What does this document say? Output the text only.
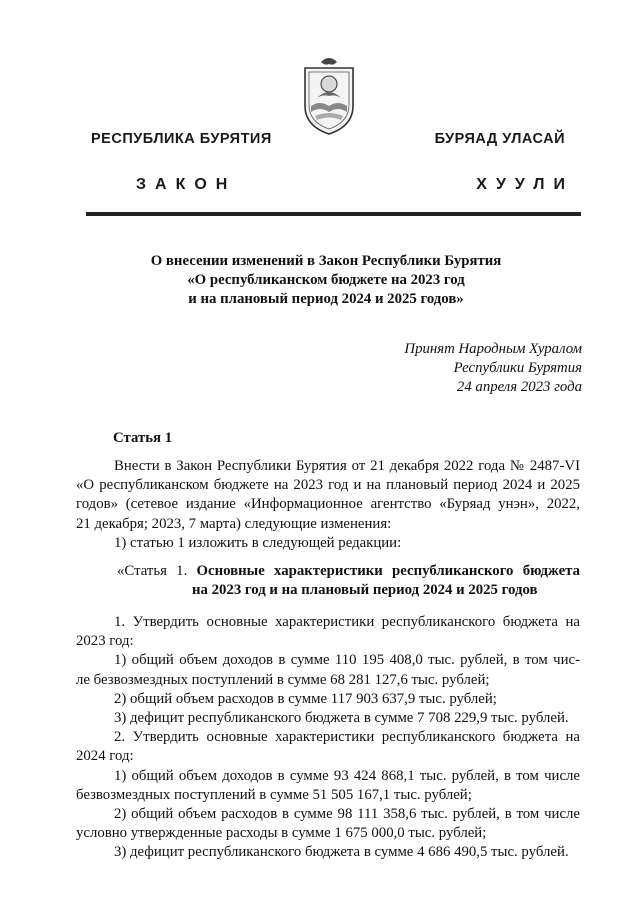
РЕСПУБЛИКА БУРЯТИЯ	БУРЯАД УЛАСАЙ
ЗАКОН	ХУУЛИ
О внесении изменений в Закон Республики Бурятия
«О республиканском бюджете на 2023 год
и на плановый период 2024 и 2025 годов»
Принят Народным Хуралом
Республики Бурятия
24 апреля 2023 года
Статья 1
Внести в Закон Республики Бурятия от 21 декабря 2022 года № 2487-VI
«О республиканском бюджете на 2023 год и на плановый период 2024 и 2025
годов» (сетевое издание «Информационное агентство «Буряад унэн», 2022,
21 декабря; 2023, 7 марта) следующие изменения:
1) статью 1 изложить в следующей редакции:
«Статья 1. Основные характеристики республиканского бюджета
на 2023 год и на плановый период 2024 и 2025 годов
1. Утвердить основные характеристики республиканского бюджета на
2023 год:
1) общий объем доходов в сумме 110 195 408,0 тыс. рублей, в том чис-
ле безвозмездных поступлений в сумме 68 281 127,6 тыс. рублей;
2) общий объем расходов в сумме 117 903 637,9 тыс. рублей;
3) дефицит республиканского бюджета в сумме 7 708 229,9 тыс. рублей.
2. Утвердить основные характеристики республиканского бюджета на
2024 год:
1) общий объем доходов в сумме 93 424 868,1 тыс. рублей, в том числе
безвозмездных поступлений в сумме 51 505 167,1 тыс. рублей;
2) общий объем расходов в сумме 98 111 358,6 тыс. рублей, в том числе
условно утвержденные расходы в сумме 1 675 000,0 тыс. рублей;
3) дефицит республиканского бюджета в сумме 4 686 490,5 тыс. рублей.
